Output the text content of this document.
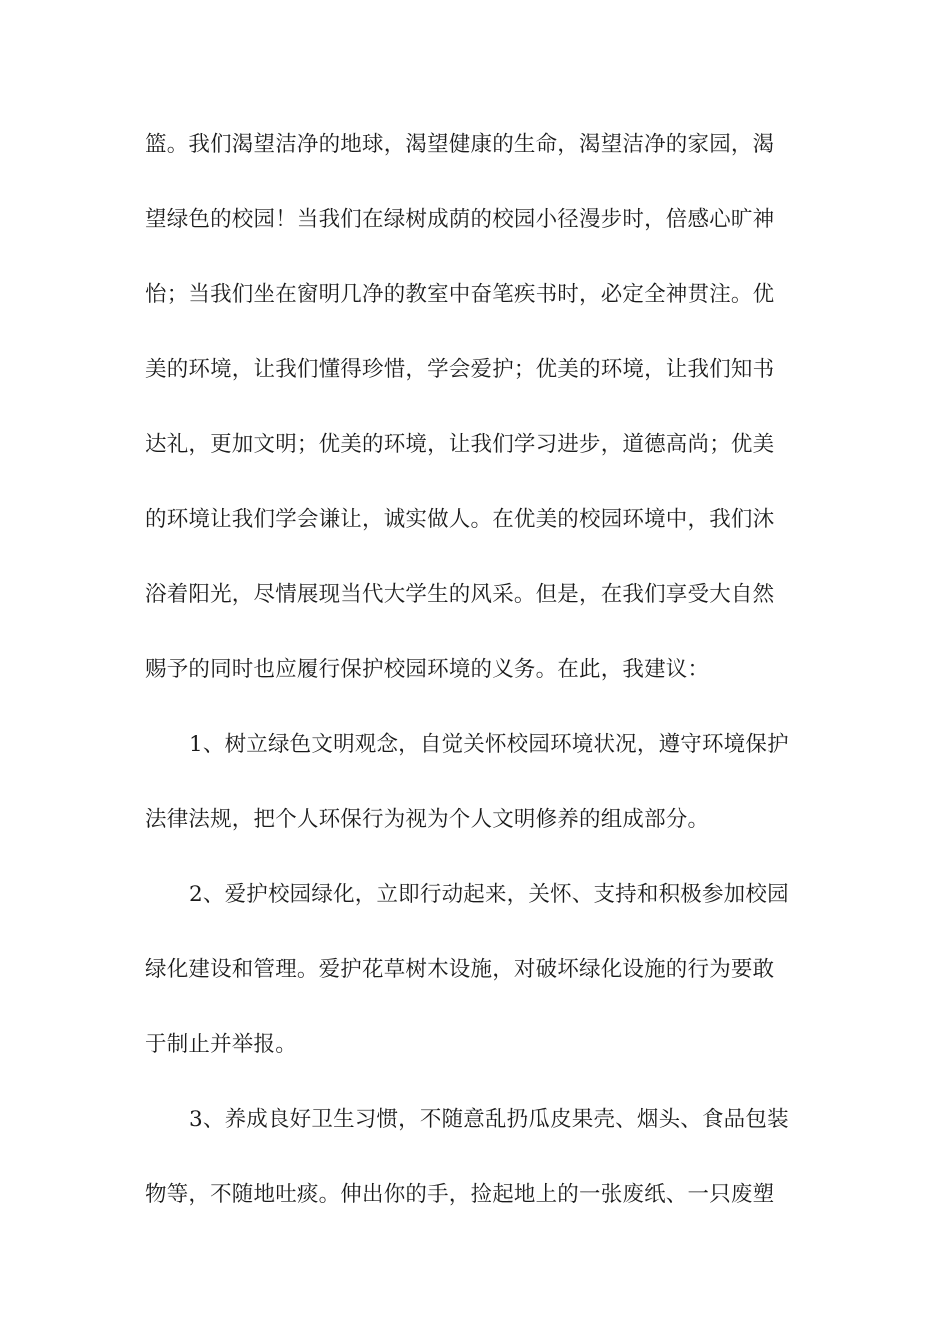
篮。我们渴望洁净的地球，渴望健康的生命，渴望洁净的家园，渴
望绿色的校园！当我们在绿树成荫的校园小径漫步时，倍感心旷神
怡；当我们坐在窗明几净的教室中奋笔疾书时，必定全神贯注。优
美的环境，让我们懂得珍惜，学会爱护；优美的环境，让我们知书
达礼，更加文明；优美的环境，让我们学习进步，道德高尚；优美
的环境让我们学会谦让，诚实做人。在优美的校园环境中，我们沐
浴着阳光，尽情展现当代大学生的风采。但是，在我们享受大自然
赐予的同时也应履行保护校园环境的义务。在此，我建议：
1、树立绿色文明观念，自觉关怀校园环境状况，遵守环境保护
法律法规，把个人环保行为视为个人文明修养的组成部分。
2、爱护校园绿化，立即行动起来，关怀、支持和积极参加校园
绿化建设和管理。爱护花草树木设施，对破坏绿化设施的行为要敢
于制止并举报。
3、养成良好卫生习惯，不随意乱扔瓜皮果壳、烟头、食品包装
物等，不随地吐痰。伸出你的手，捡起地上的一张废纸、一只废塑
